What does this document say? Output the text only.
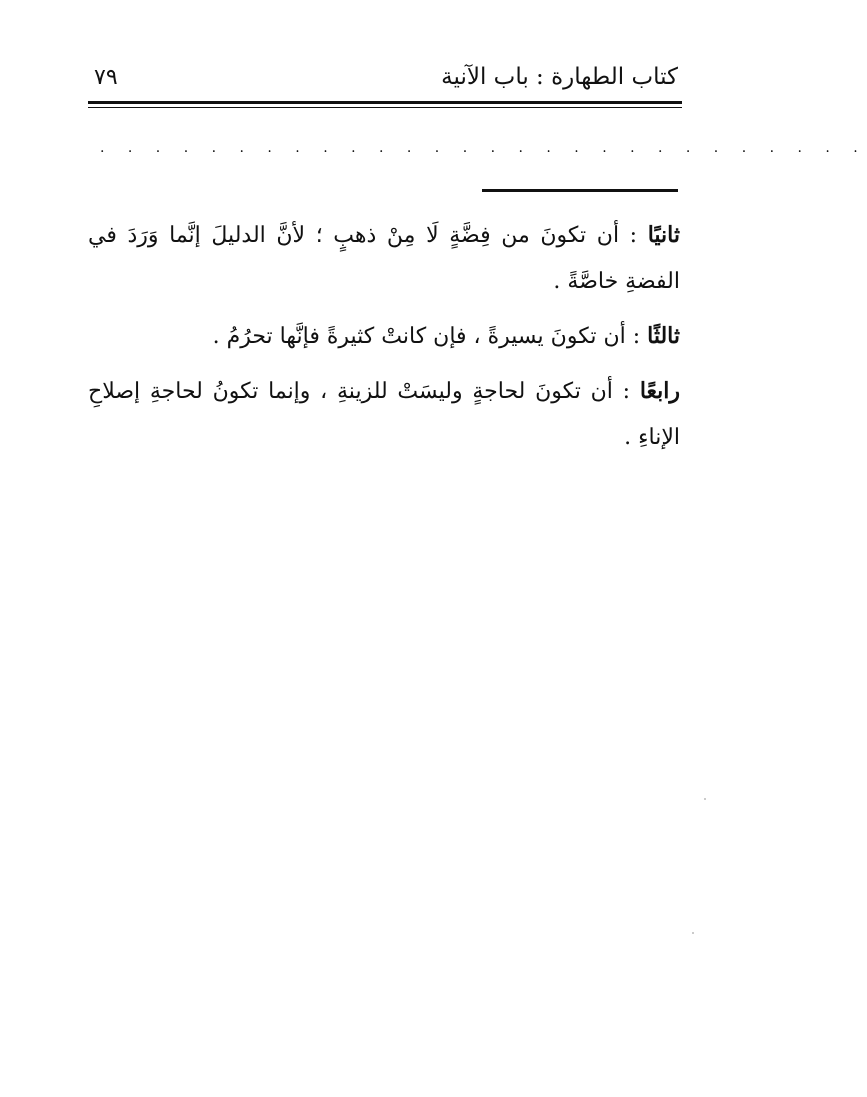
كتاب الطهارة : باب الآنية
٧٩
. . . . . . . . . . . . . . . . . . . . . . . . . . . .

ثانيًا : أن تكونَ من فِضَّةٍ لَا مِنْ ذهبٍ ؛ لأنَّ الدليلَ إنَّما وَرَدَ في الفضةِ خاصَّةً .

ثالثًا : أن تكونَ يسيرةً ، فإن كانتْ كثيرةً فإنَّها تحرُمُ .

رابعًا : أن تكونَ لحاجةٍ وليسَتْ للزينةِ ، وإنما تكونُ لحاجةِ إصلاحِ الإناءِ .
